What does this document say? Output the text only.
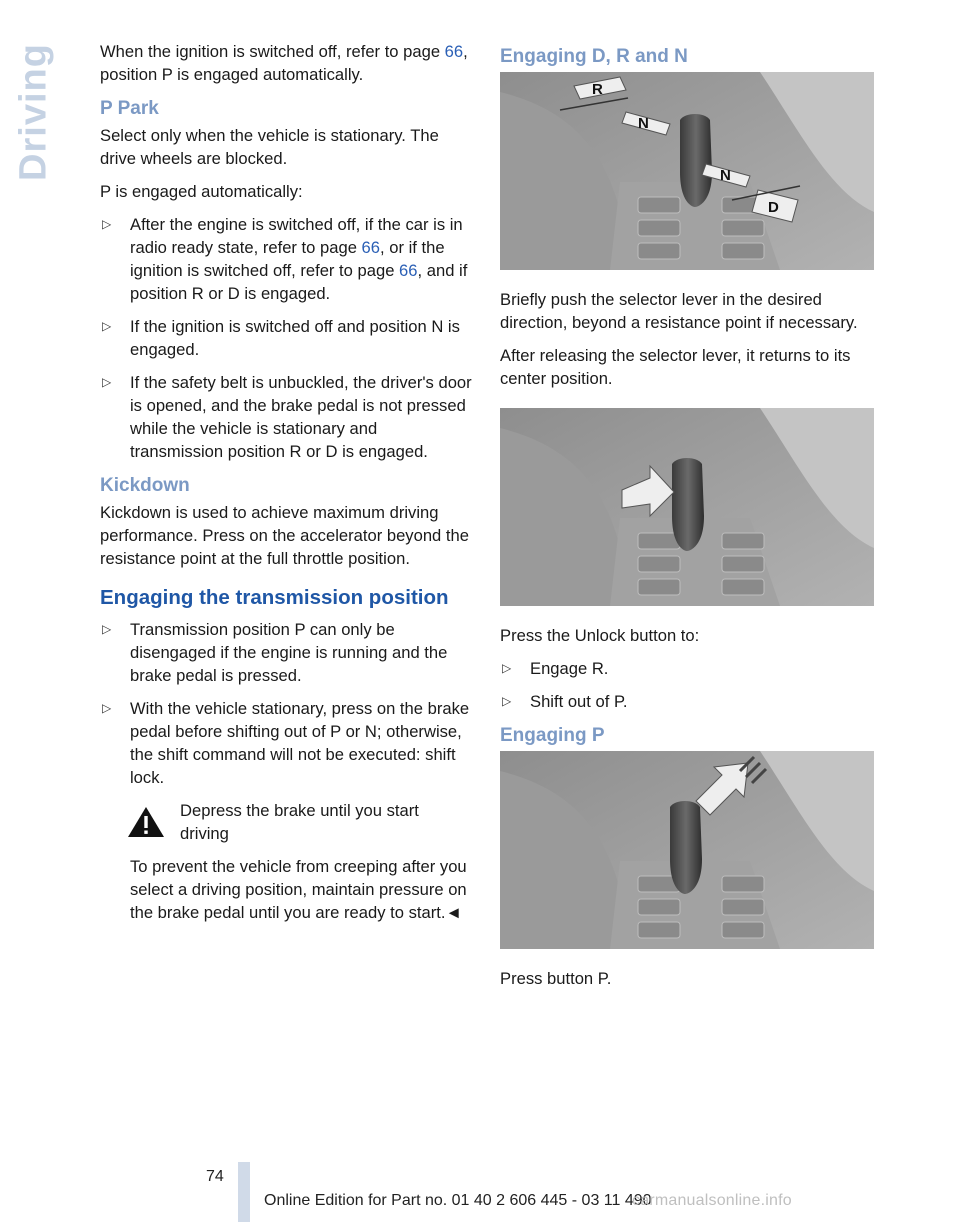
Driving	When the ignition is switched off, refer to page 66, position P is engaged automatically.

P Park

Select only when the vehicle is stationary. The drive wheels are blocked.

P is engaged automatically:

▷ After the engine is switched off, if the car is in radio ready state, refer to page 66, or if the ignition is switched off, refer to page 66, and if position R or D is engaged.
▷ If the ignition is switched off and position N is engaged.
▷ If the safety belt is unbuckled, the driver's door is opened, and the brake pedal is not pressed while the vehicle is stationary and transmission position R or D is engaged.
Kickdown

Kickdown is used to achieve maximum driving performance. Press on the accelerator beyond the resistance point at the full throttle position.

Engaging the transmission position
▷ Transmission position P can only be disengaged if the engine is running and the brake pedal is pressed.
▷ With the vehicle stationary, press on the brake pedal before shifting out of P or N; otherwise, the shift command will not be executed: shift lock.

Depress the brake until you start driving

To prevent the vehicle from creeping after you select a driving position, maintain pressure on the brake pedal until you are ready to start.◄

Engaging D, R and N
R
N
N
D

Briefly push the selector lever in the desired direction, beyond a resistance point if necessary.

After releasing the selector lever, it returns to its center position.

Press the Unlock button to:

▷ Engage R.
▷ Shift out of P.
Engaging P

Press button P.

74
Online Edition for Part no. 01 40 2 606 445 - 03 11 490
carmanualsonline.info
